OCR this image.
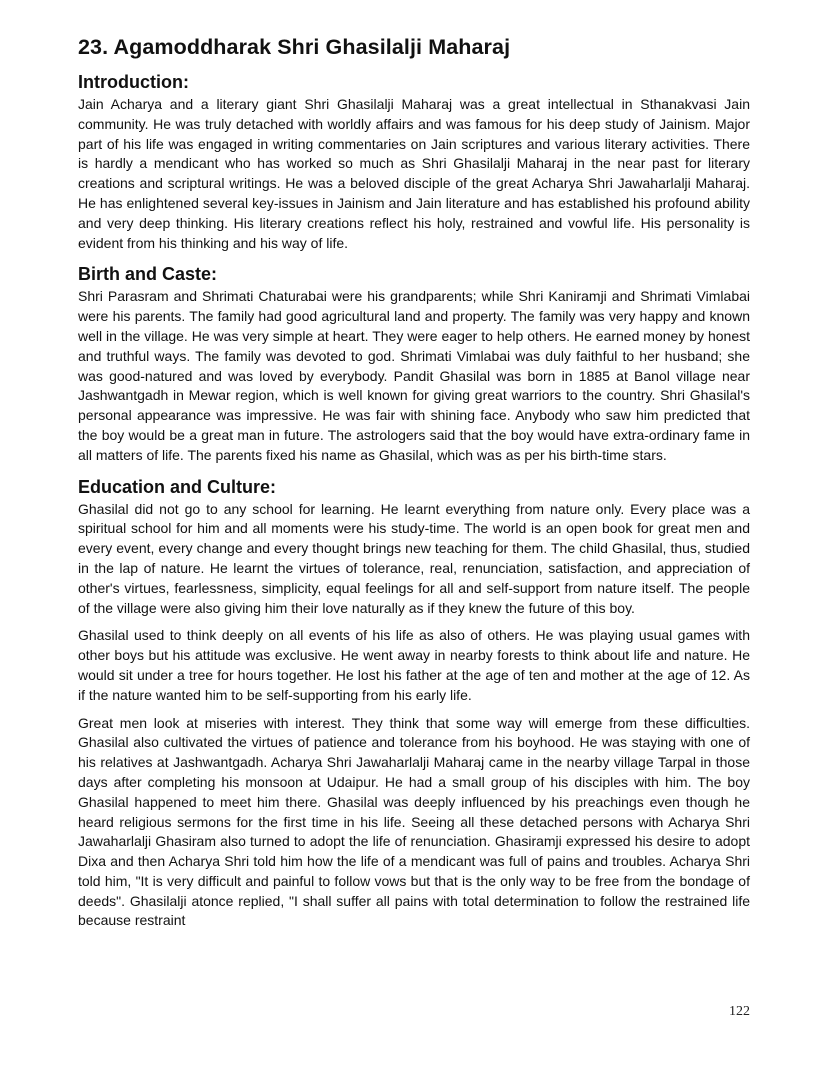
23. Agamoddharak Shri Ghasilalji Maharaj
Introduction:

Jain Acharya and a literary giant Shri Ghasilalji Maharaj was a great intellectual in Sthanakvasi Jain community. He was truly detached with worldly affairs and was famous for his deep study of Jainism. Major part of his life was engaged in writing commentaries on Jain scriptures and various literary activities. There is hardly a mendicant who has worked so much as Shri Ghasilalji Maharaj in the near past for literary creations and scriptural writings. He was a beloved disciple of the great Acharya Shri Jawaharlalji Maharaj. He has enlightened several key-issues in Jainism and Jain literature and has established his profound ability and very deep thinking. His literary creations reflect his holy, restrained and vowful life. His personality is evident from his thinking and his way of life.

Birth and Caste:

Shri Parasram and Shrimati Chaturabai were his grandparents; while Shri Kaniramji and Shrimati Vimlabai were his parents. The family had good agricultural land and property. The family was very happy and known well in the village. He was very simple at heart. They were eager to help others. He earned money by honest and truthful ways. The family was devoted to god. Shrimati Vimlabai was duly faithful to her husband; she was good-natured and was loved by everybody. Pandit Ghasilal was born in 1885 at Banol village near Jashwantgadh in Mewar region, which is well known for giving great warriors to the country. Shri Ghasilal's personal appearance was impressive. He was fair with shining face. Anybody who saw him predicted that the boy would be a great man in future. The astrologers said that the boy would have extra-ordinary fame in all matters of life. The parents fixed his name as Ghasilal, which was as per his birth-time stars.

Education and Culture:

Ghasilal did not go to any school for learning. He learnt everything from nature only. Every place was a spiritual school for him and all moments were his study-time. The world is an open book for great men and every event, every change and every thought brings new teaching for them. The child Ghasilal, thus, studied in the lap of nature. He learnt the virtues of tolerance, real, renunciation, satisfaction, and appreciation of other's virtues, fearlessness, simplicity, equal feelings for all and self-support from nature itself. The people of the village were also giving him their love naturally as if they knew the future of this boy.

Ghasilal used to think deeply on all events of his life as also of others. He was playing usual games with other boys but his attitude was exclusive. He went away in nearby forests to think about life and nature. He would sit under a tree for hours together. He lost his father at the age of ten and mother at the age of 12. As if the nature wanted him to be self-supporting from his early life.

Great men look at miseries with interest. They think that some way will emerge from these difficulties. Ghasilal also cultivated the virtues of patience and tolerance from his boyhood. He was staying with one of his relatives at Jashwantgadh. Acharya Shri Jawaharlalji Maharaj came in the nearby village Tarpal in those days after completing his monsoon at Udaipur. He had a small group of his disciples with him. The boy Ghasilal happened to meet him there. Ghasilal was deeply influenced by his preachings even though he heard religious sermons for the first time in his life. Seeing all these detached persons with Acharya Shri Jawaharlalji Ghasiram also turned to adopt the life of renunciation. Ghasiramji expressed his desire to adopt Dixa and then Acharya Shri told him how the life of a mendicant was full of pains and troubles. Acharya Shri told him, "It is very difficult and painful to follow vows but that is the only way to be free from the bondage of deeds". Ghasilalji atonce replied, "I shall suffer all pains with total determination to follow the restrained life because restraint

122
